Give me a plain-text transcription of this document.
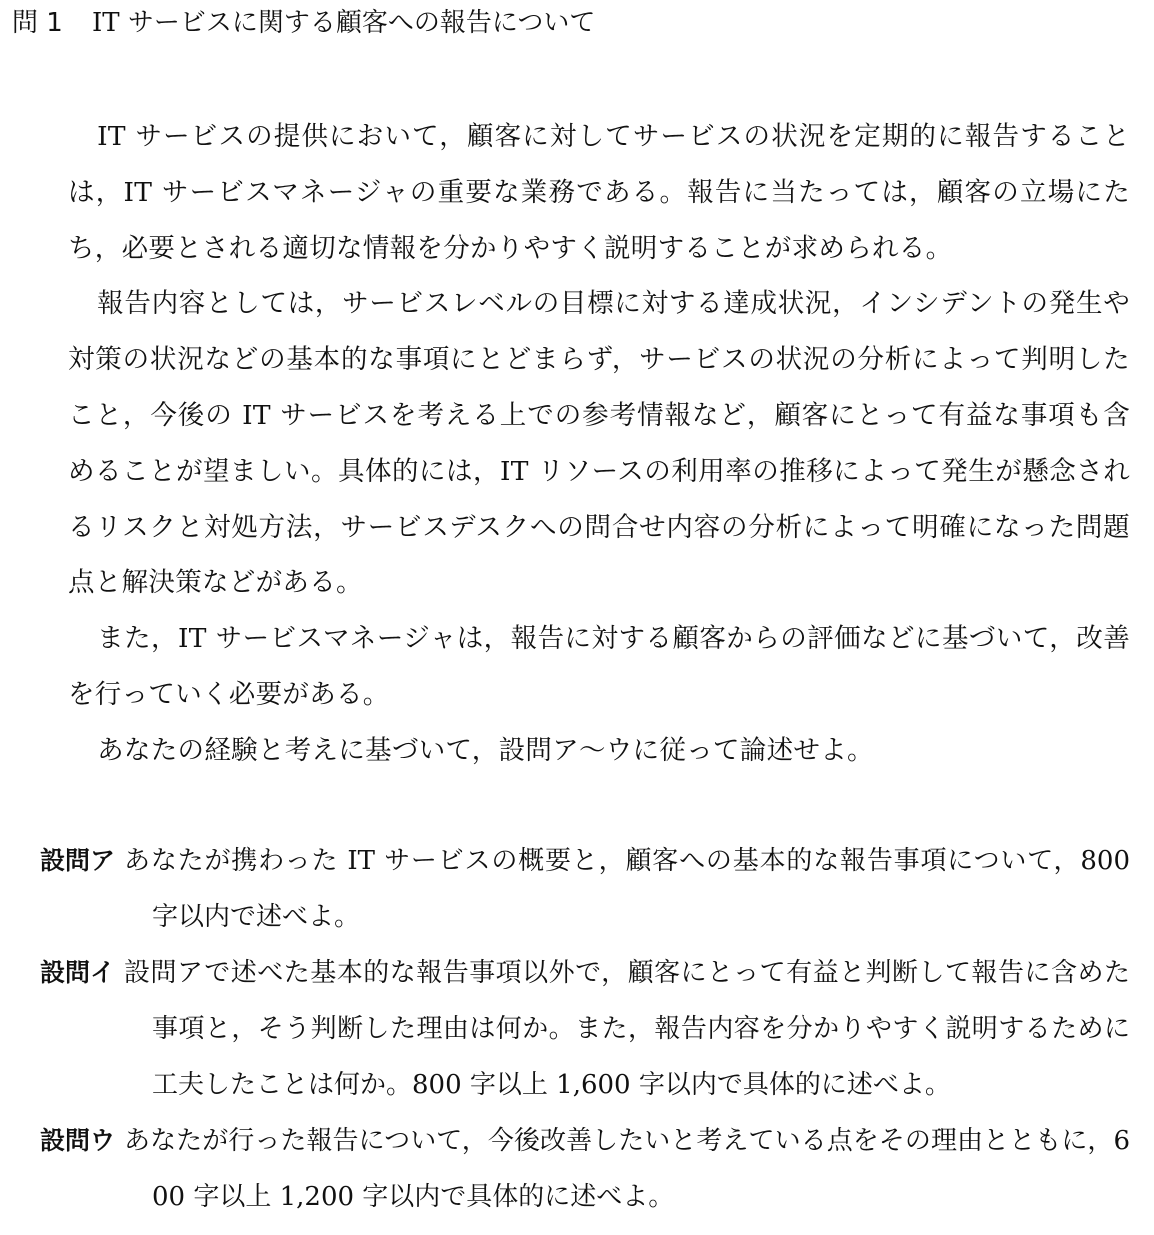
問 1 IT サービスに関する顧客への報告について

IT サービスの提供において，顧客に対してサービスの状況を定期的に報告することは，IT サービスマネージャの重要な業務である。報告に当たっては，顧客の立場にたち，必要とされる適切な情報を分かりやすく説明することが求められる。

報告内容としては，サービスレベルの目標に対する達成状況，インシデントの発生や対策の状況などの基本的な事項にとどまらず，サービスの状況の分析によって判明したこと，今後の IT サービスを考える上での参考情報など，顧客にとって有益な事項も含めることが望ましい。具体的には，IT リソースの利用率の推移によって発生が懸念されるリスクと対処方法，サービスデスクへの問合せ内容の分析によって明確になった問題点と解決策などがある。

また，IT サービスマネージャは，報告に対する顧客からの評価などに基づいて，改善を行っていく必要がある。

あなたの経験と考えに基づいて，設問ア～ウに従って論述せよ。

設問ア あなたが携わった IT サービスの概要と，顧客への基本的な報告事項について，800 字以内で述べよ。

設問イ 設問アで述べた基本的な報告事項以外で，顧客にとって有益と判断して報告に含めた事項と，そう判断した理由は何か。また，報告内容を分かりやすく説明するために工夫したことは何か。800 字以上 1,600 字以内で具体的に述べよ。

設問ウ あなたが行った報告について，今後改善したいと考えている点をその理由とともに，600 字以上 1,200 字以内で具体的に述べよ。
